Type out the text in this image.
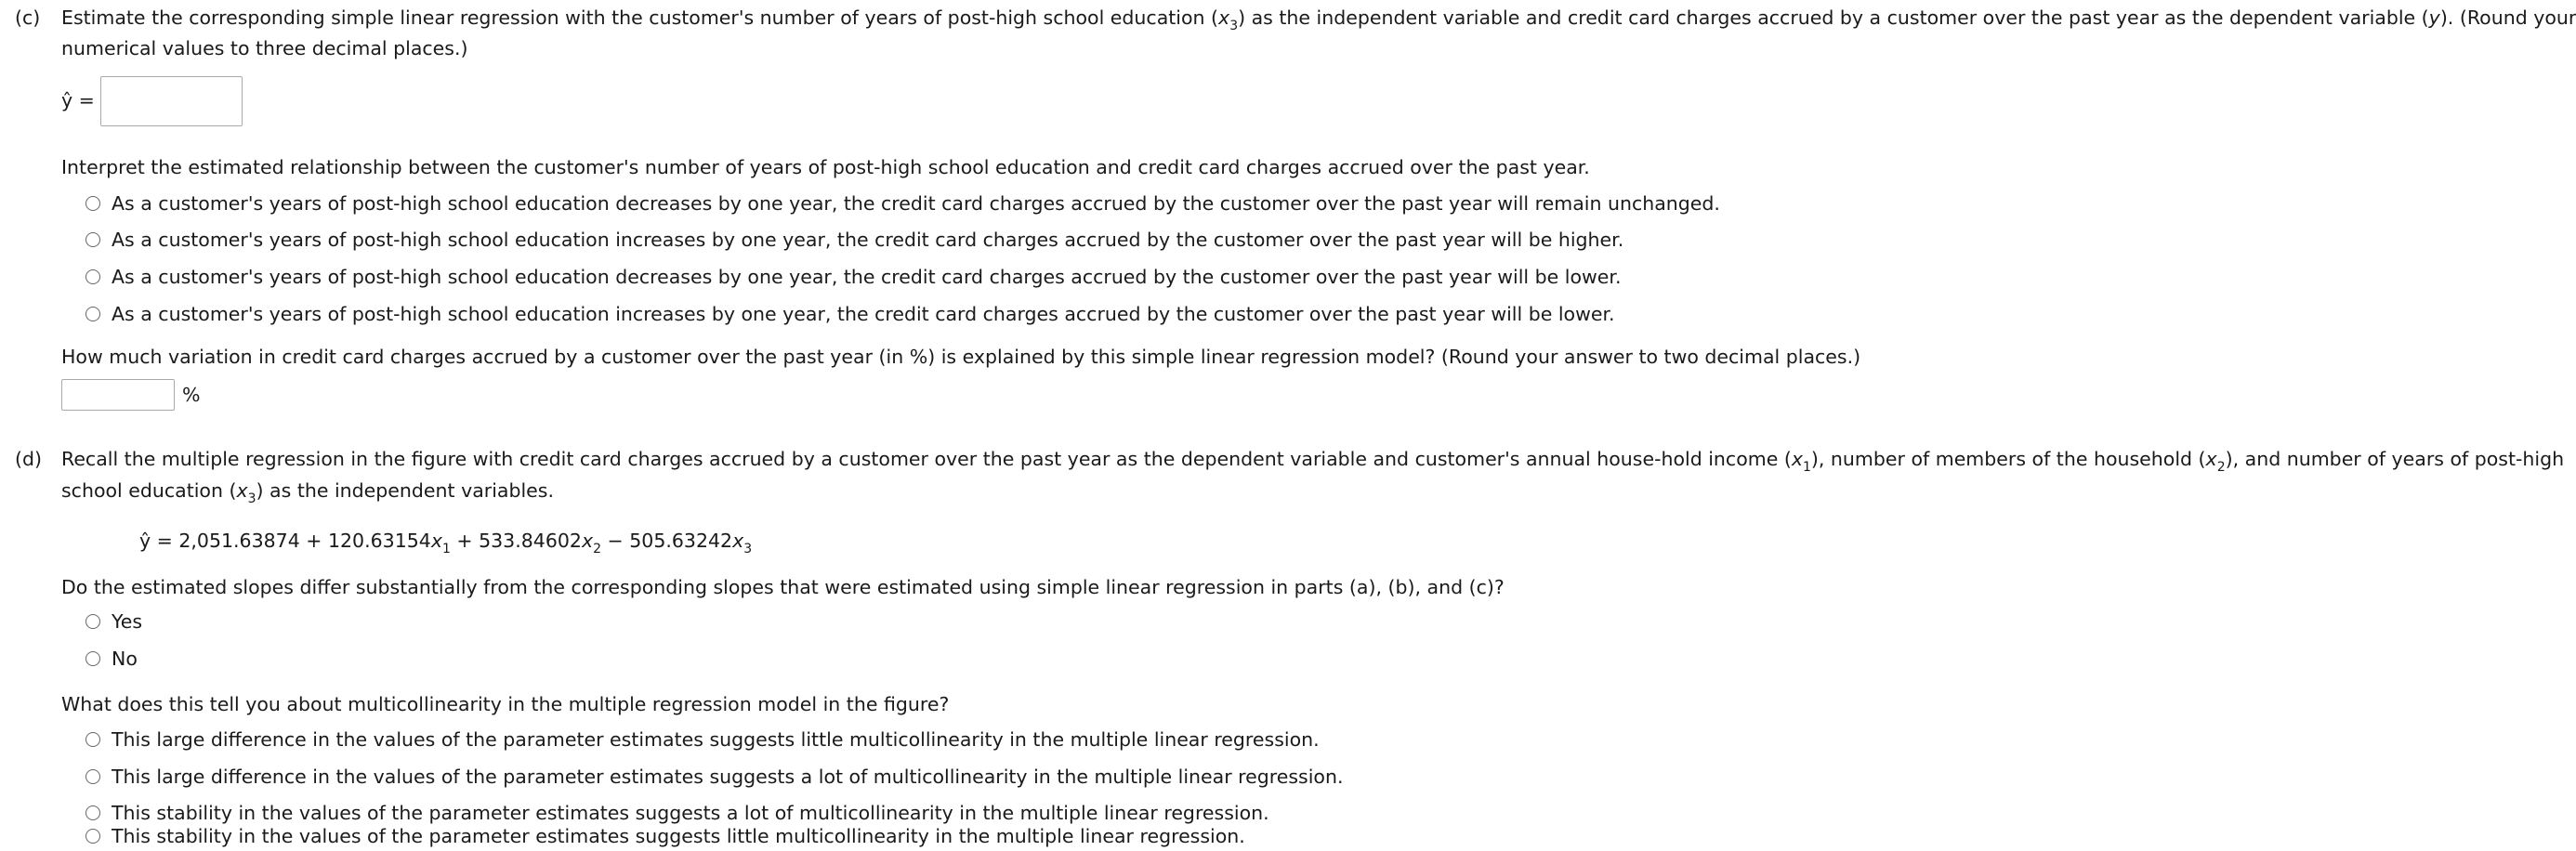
(c) Estimate the corresponding simple linear regression with the customer's number of years of post-high school education $(x_3)$ as the independent variable and credit card charges accrued by a customer over the past year as the dependent variable (y). (Round your
numerical values to three decimal places.)
ŷ =
Interpret the estimated relationship between the customer's number of years of post-high school education and credit card charges accrued over the past year.
As a customer's years of post-high school education decreases by one year, the credit card charges accrued by the customer over the past year will remain unchanged.
As a customer's years of post-high school education increases by one year, the credit card charges accrued by the customer over the past year will be higher.
As a customer's years of post-high school education decreases by one year, the credit card charges accrued by the customer over the past year will be lower.
As a customer's years of post-high school education increases by one year, the credit card charges accrued by the customer over the past year will be lower.
How much variation in credit card charges accrued by a customer over the past year (in %) is explained by this simple linear regression model? (Round your answer to two decimal places.)
%
(d) Recall the multiple regression in the figure with credit card charges accrued by a customer over the past year as the dependent variable and customer's annual house-hold income $(x_1)$, number of members of the household $(x_2)$, and number of years of post-high
school education $(x_3)$ as the independent variables.
ŷ = $2,051.63874 + 120.63154x_1 + 533.84602x_2 - 505.63242x_3$
Do the estimated slopes differ substantially from the corresponding slopes that were estimated using simple linear regression in parts (a), (b), and (c)?
Yes
No
What does this tell you about multicollinearity in the multiple regression model in the figure?
This large difference in the values of the parameter estimates suggests little multicollinearity in the multiple linear regression.
This large difference in the values of the parameter estimates suggests a lot of multicollinearity in the multiple linear regression.
This stability in the values of the parameter estimates suggests a lot of multicollinearity in the multiple linear regression.
This stability in the values of the parameter estimates suggests little multicollinearity in the multiple linear regression.
